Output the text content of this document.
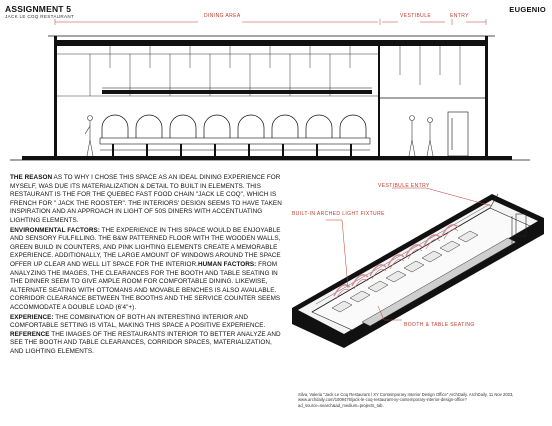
ASSIGNMENT 5
JACK LE COQ RESTAURANT
EUGENIO
DINING AREA	VESTIBULE	ENTRY
VESTIBULE ENTRY
BUILT-IN ARCHED LIGHT FIXTURE
BOOTH & TABLE SEATING

THE REASON AS TO WHY I CHOSE THIS SPACE AS AN IDEAL DINING EXPERIENCE FOR MYSELF, WAS DUE ITS MATERIALIZATION & DETAIL TO BUILT IN ELEMENTS. THIS RESTAURANT IS THE FOR THE QUEBEC FAST FOOD CHAIN "JACK LE COQ", WHICH IS FRENCH FOR " JACK THE ROOSTER". THE INTERIORS' DESIGN SEEMS TO HAVE TAKEN INSPIRATION AND AN APPROACH IN LIGHT OF 50S DINERS WITH ACCENTUATING LIGHTING ELEMENTS.

ENVIRONMENTAL FACTORS: THE EXPERIENCE IN THIS SPACE WOULD BE ENJOYABLE AND SENSORY FULFILLING. THE B&W PATTERNED FLOOR WITH THE WOODEN WALLS, GREEN BUILD IN COUNTERS, AND PINK LIGHTING ELEMENTS CREATE A MEMORABLE EXPERIENCE. ADDITIONALLY, THE LARGE AMOUNT OF WINDOWS AROUND THE SPACE OFFER UP CLEAR AND WELL LIT SPACE FOR THE INTERIOR.HUMAN FACTORS: FROM ANALYZING THE IMAGES, THE CLEARANCES FOR THE BOOTH AND TABLE SEATING IN THE DINNER SEEM TO GIVE AMPLE ROOM FOR COMFORTABLE DINING. LIKEWISE, ALTERNATE SEATING WITH OTTOMANS AND MOVABLE BENCHES IS ALSO AVAILABLE. CORRIDOR CLEARANCE BETWEEN THE BOOTHS AND THE SERVICE COUNTER SEEMS ACCOMMODATE A DOUBLE LOAD (6'4"+).

EXPERIENCE: THE COMBINATION OF BOTH AN INTERESTING INTERIOR AND COMFORTABLE SETTING IS VITAL, MAKING THIS SPACE A POSITIVE EXPERIENCE. REFERENCE THE IMAGES OF THE RESTAURANTS INTERIOR TO BETTER ANALYZE AND SEE THE BOOTH AND TABLE CLEARANCES, CORRIDOR SPACES, MATERIALIZATION, AND LIGHTING ELEMENTS.

Silva, Valeria "Jack Le Coq Restaurant / XY Contemporary Interior Design Office" ArchDaily. ArchDaily, 11 Nov 2023, www.archdaily.com/1009476/jack-le-coq-restaurant-xy-contemporary-interior-design-office?ad_source=search&ad_medium=projects_tab.
